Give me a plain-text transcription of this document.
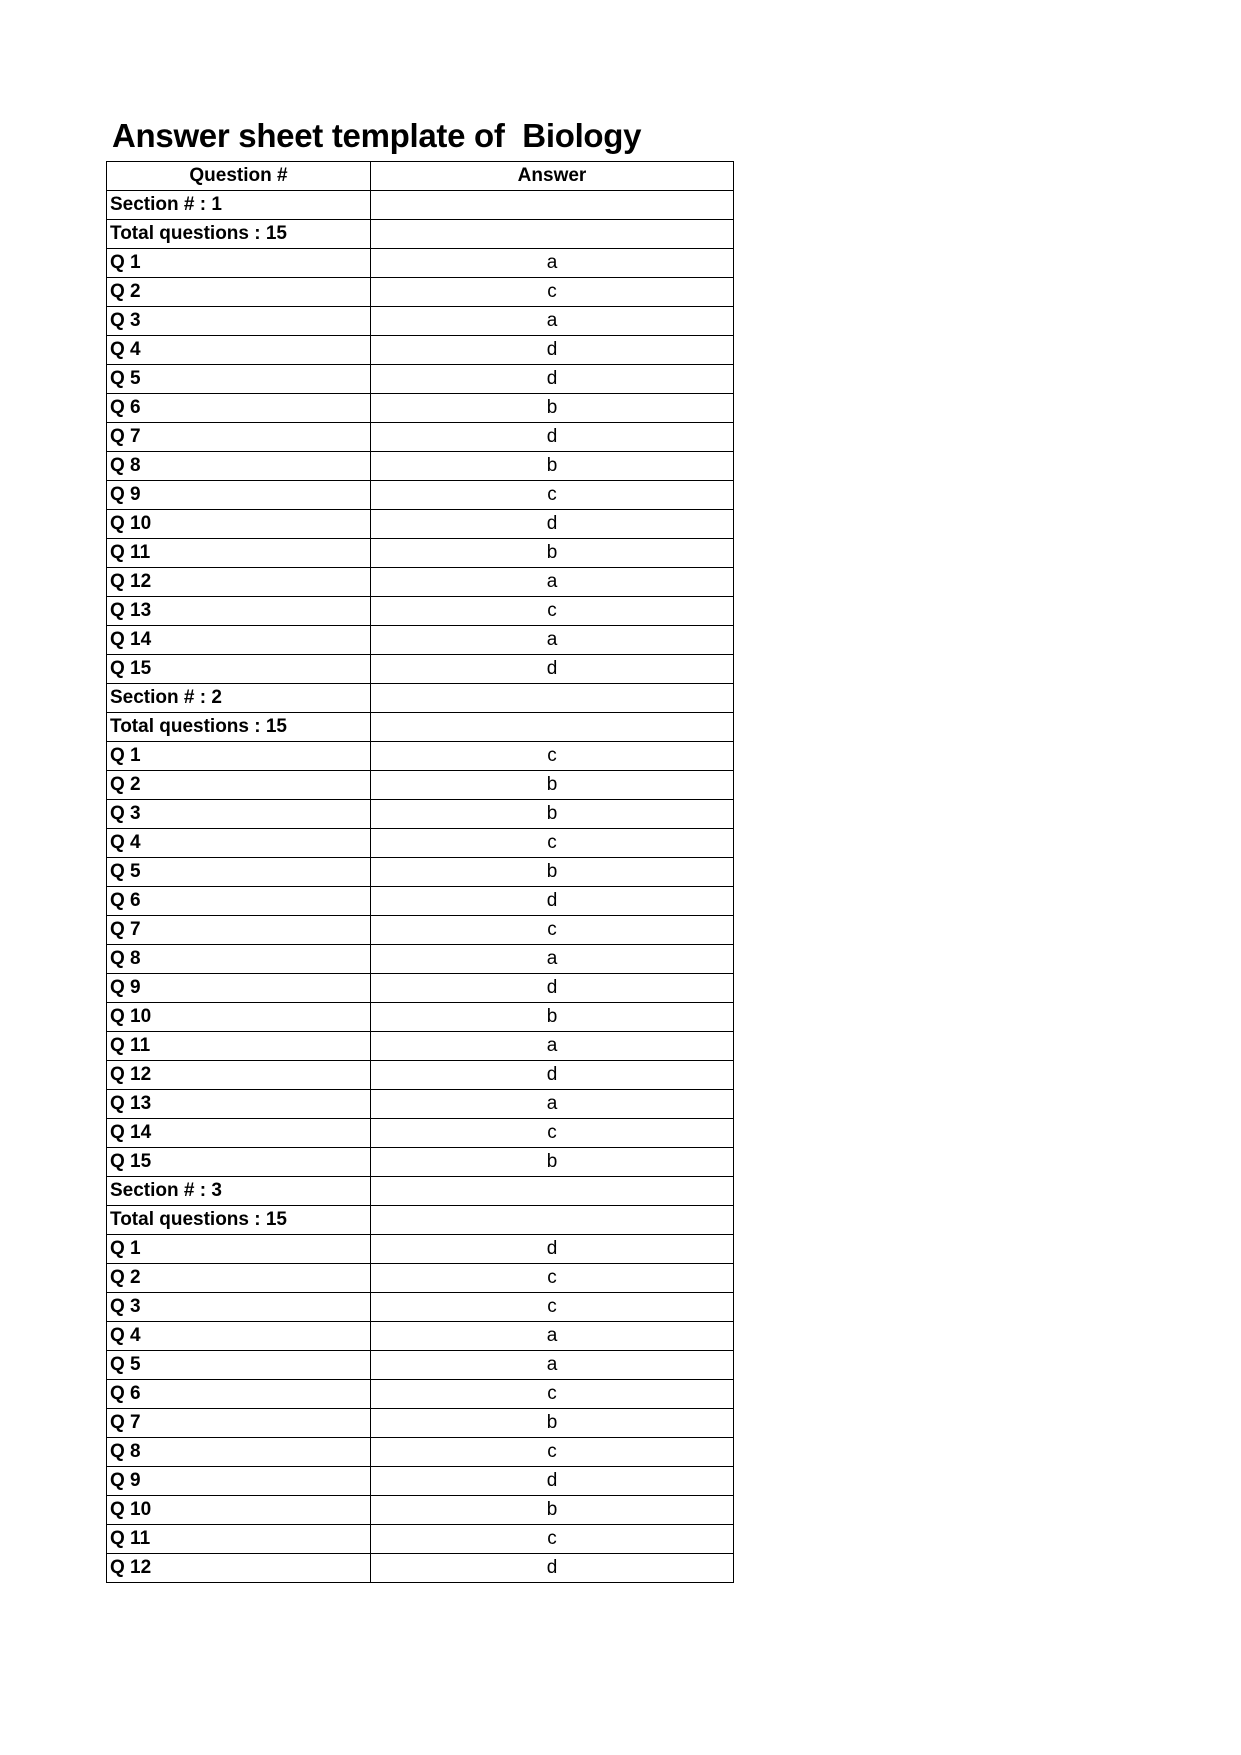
Answer sheet template of  Biology
Question #	Answer
Section # : 1	
Total questions : 15	
Q 1	a
Q 2	c
Q 3	a
Q 4	d
Q 5	d
Q 6	b
Q 7	d
Q 8	b
Q 9	c
Q 10	d
Q 11	b
Q 12	a
Q 13	c
Q 14	a
Q 15	d
Section # : 2	
Total questions : 15	
Q 1	c
Q 2	b
Q 3	b
Q 4	c
Q 5	b
Q 6	d
Q 7	c
Q 8	a
Q 9	d
Q 10	b
Q 11	a
Q 12	d
Q 13	a
Q 14	c
Q 15	b
Section # : 3	
Total questions : 15	
Q 1	d
Q 2	c
Q 3	c
Q 4	a
Q 5	a
Q 6	c
Q 7	b
Q 8	c
Q 9	d
Q 10	b
Q 11	c
Q 12	d
